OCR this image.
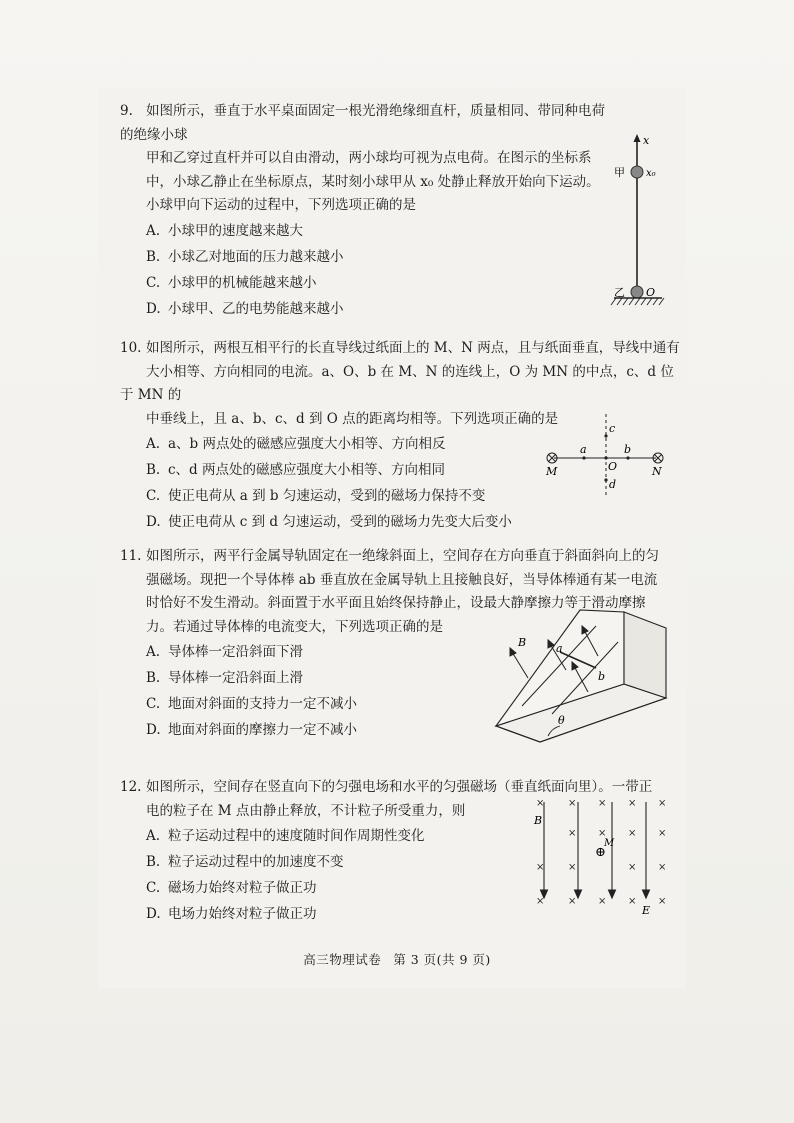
9. 如图所示，垂直于水平桌面固定一根光滑绝缘细直杆，质量相同、带同种电荷的绝缘小球
甲和乙穿过直杆并可以自由滑动，两小球均可视为点电荷。在图示的坐标系
中，小球乙静止在坐标原点，某时刻小球甲从 x₀ 处静止释放开始向下运动。
小球甲向下运动的过程中，下列选项正确的是

A. 小球甲的速度越来越大

B. 小球乙对地面的压力越来越小

C. 小球甲的机械能越来越小

D. 小球甲、乙的电势能越来越小

x
甲 x₀
乙 O

10. 如图所示，两根互相平行的长直导线过纸面上的 M、N 两点，且与纸面垂直，导线中通有
大小相等、方向相同的电流。a、O、b 在 M、N 的连线上，O 为 MN 的中点，c、d 位于 MN 的
中垂线上，且 a、b、c、d 到 O 点的距离均相等。下列选项正确的是

A. a、b 两点处的磁感应强度大小相等、方向相反

B. c、d 两点处的磁感应强度大小相等、方向相同

C. 使正电荷从 a 到 b 匀速运动，受到的磁场力保持不变

D. 使正电荷从 c 到 d 匀速运动，受到的磁场力先变大后变小

M	N
a	b
O
c
d

11. 如图所示，两平行金属导轨固定在一绝缘斜面上，空间存在方向垂直于斜面斜向上的匀
强磁场。现把一个导体棒 ab 垂直放在金属导轨上且接触良好，当导体棒通有某一电流
时恰好不发生滑动。斜面置于水平面且始终保持静止，设最大静摩擦力等于滑动摩擦
力。若通过导体棒的电流变大，下列选项正确的是

A. 导体棒一定沿斜面下滑

B. 导体棒一定沿斜面上滑

C. 地面对斜面的支持力一定不减小

D. 地面对斜面的摩擦力一定不减小

B	a
b
θ

12. 如图所示，空间存在竖直向下的匀强电场和水平的匀强磁场（垂直纸面向里）。一带正
电的粒子在 M 点由静止释放，不计粒子所受重力，则

A. 粒子运动过程中的速度随时间作周期性变化

B. 粒子运动过程中的加速度不变

C. 磁场力始终对粒子做正功

D. 电场力始终对粒子做正功

× × × × ×
× × × ×
× ×	× ×
× × × × ×
B
M
⊕
E
高三物理试卷 第 3 页(共 9 页)
